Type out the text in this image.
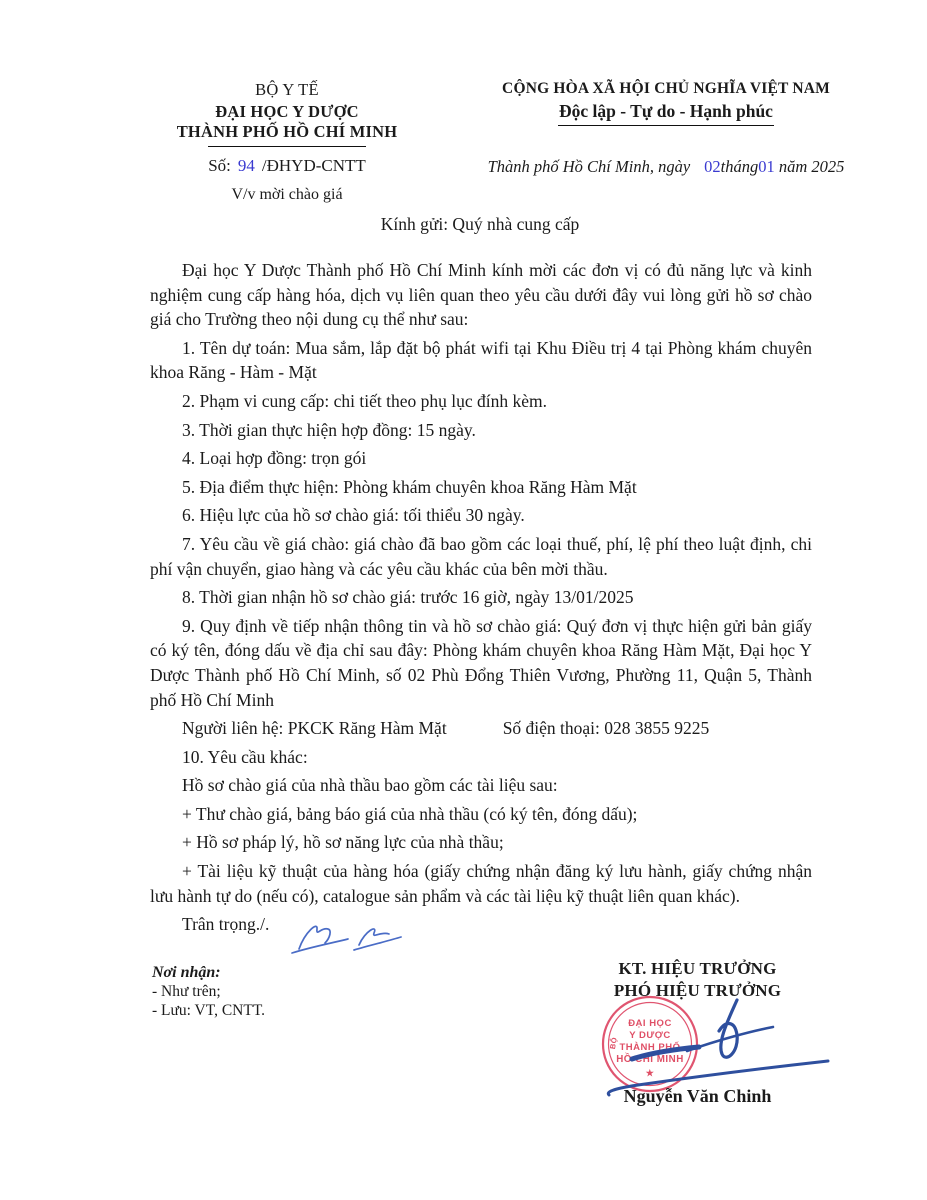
BỘ Y TẾ
ĐẠI HỌC Y DƯỢC
THÀNH PHỐ HỒ CHÍ MINH
Số: 94 /ĐHYD-CNTT
V/v mời chào giá
CỘNG HÒA XÃ HỘI CHỦ NGHĨA VIỆT NAM
Độc lập - Tự do - Hạnh phúc
Thành phố Hồ Chí Minh, ngày 02tháng01 năm 2025
Kính gửi: Quý nhà cung cấp

Đại học Y Dược Thành phố Hồ Chí Minh kính mời các đơn vị có đủ năng lực và kinh nghiệm cung cấp hàng hóa, dịch vụ liên quan theo yêu cầu dưới đây vui lòng gửi hồ sơ chào giá cho Trường theo nội dung cụ thể như sau:

1. Tên dự toán: Mua sắm, lắp đặt bộ phát wifi tại Khu Điều trị 4 tại Phòng khám chuyên khoa Răng - Hàm - Mặt

2. Phạm vi cung cấp: chi tiết theo phụ lục đính kèm.

3. Thời gian thực hiện hợp đồng: 15 ngày.

4. Loại hợp đồng: trọn gói

5. Địa điểm thực hiện: Phòng khám chuyên khoa Răng Hàm Mặt

6. Hiệu lực của hồ sơ chào giá: tối thiểu 30 ngày.

7. Yêu cầu về giá chào: giá chào đã bao gồm các loại thuế, phí, lệ phí theo luật định, chi phí vận chuyển, giao hàng và các yêu cầu khác của bên mời thầu.

8. Thời gian nhận hồ sơ chào giá: trước 16 giờ, ngày 13/01/2025

9. Quy định về tiếp nhận thông tin và hồ sơ chào giá: Quý đơn vị thực hiện gửi bản giấy có ký tên, đóng dấu về địa chỉ sau đây: Phòng khám chuyên khoa Răng Hàm Mặt, Đại học Y Dược Thành phố Hồ Chí Minh, số 02 Phù Đổng Thiên Vương, Phường 11, Quận 5, Thành phố Hồ Chí Minh

Người liên hệ: PKCK Răng Hàm Mặt	Số điện thoại: 028 3855 9225

10. Yêu cầu khác:

Hồ sơ chào giá của nhà thầu bao gồm các tài liệu sau:

+ Thư chào giá, bảng báo giá của nhà thầu (có ký tên, đóng dấu);

+ Hồ sơ pháp lý, hồ sơ năng lực của nhà thầu;

+ Tài liệu kỹ thuật của hàng hóa (giấy chứng nhận đăng ký lưu hành, giấy chứng nhận lưu hành tự do (nếu có), catalogue sản phẩm và các tài liệu kỹ thuật liên quan khác).

Trân trọng./.

Nơi nhận:
- Như trên;
- Lưu: VT, CNTT.
KT. HIỆU TRƯỞNG
PHÓ HIỆU TRƯỞNG
ĐẠI HỌC
Y DƯỢC
THÀNH PHỐ
HỒ CHÍ MINH
★
BỘ
Nguyễn Văn Chinh
